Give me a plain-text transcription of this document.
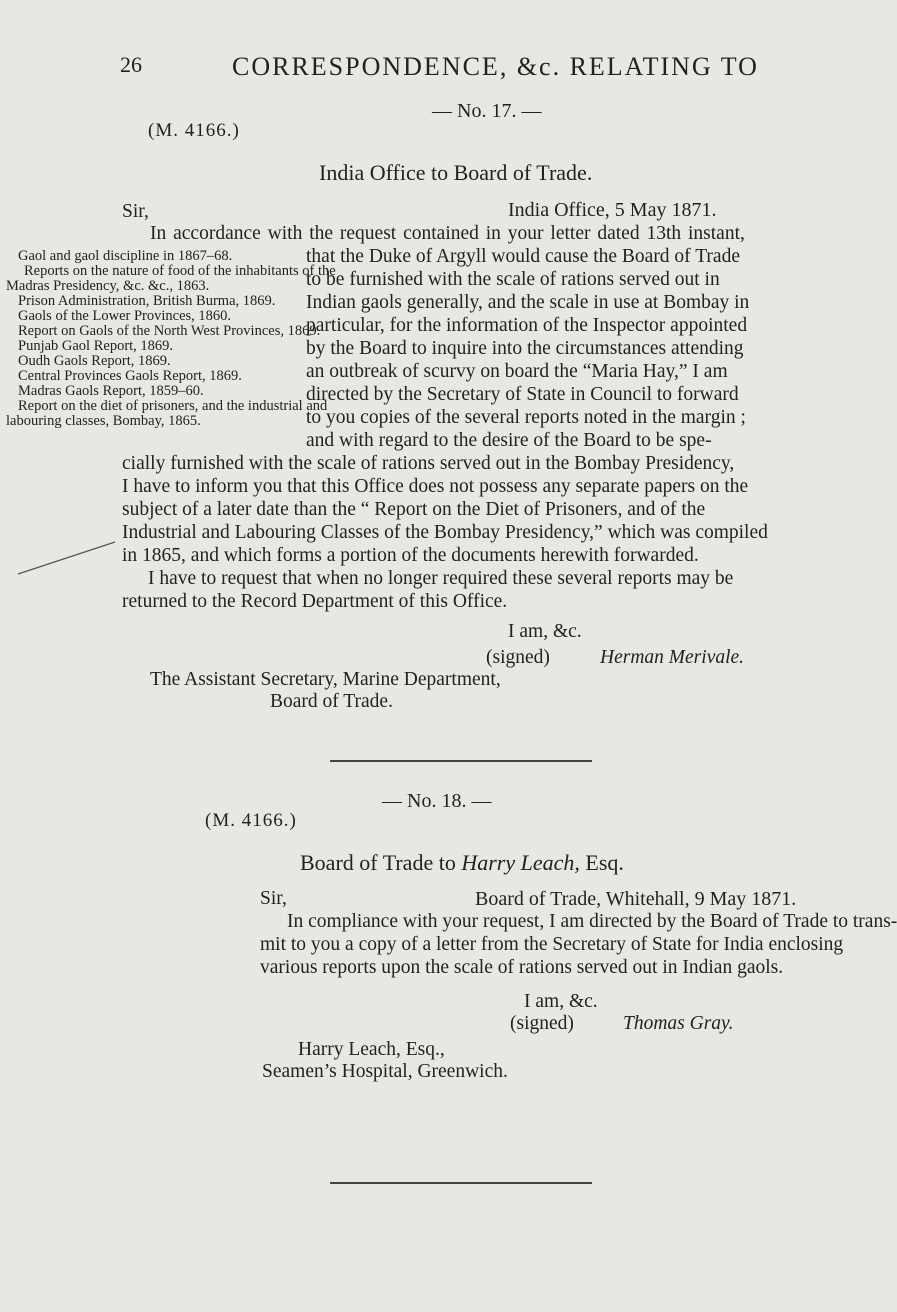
26	CORRESPONDENCE, &c. RELATING TO
— No. 17. —
(M. 4166.)
India Office to Board of Trade.
Sir,	India Office, 5 May 1871.
In accordance with the request contained in your letter dated 13th instant,
Gaol and gaol discipline in 1867–68.
Reports on the nature of food of the inhabitants of the
Madras Presidency, &c. &c., 1863.
Prison Administration, British Burma, 1869.
Gaols of the Lower Provinces, 1860.
Report on Gaols of the North West Provinces, 1869.
Punjab Gaol Report, 1869.
Oudh Gaols Report, 1869.
Central Provinces Gaols Report, 1869.
Madras Gaols Report, 1859–60.
Report on the diet of prisoners, and the industrial and
labouring classes, Bombay, 1865.
that the Duke of Argyll would cause the Board of Trade
to be furnished with the scale of rations served out in
Indian gaols generally, and the scale in use at Bombay in
particular, for the information of the Inspector appointed
by the Board to inquire into the circumstances attending
an outbreak of scurvy on board the “Maria Hay,” I am
directed by the Secretary of State in Council to forward
to you copies of the several reports noted in the margin ;
and with regard to the desire of the Board to be spe-
cially furnished with the scale of rations served out in the Bombay Presidency,
I have to inform you that this Office does not possess any separate papers on the
subject of a later date than the “ Report on the Diet of Prisoners, and of the
Industrial and Labouring Classes of the Bombay Presidency,” which was compiled
in 1865, and which forms a portion of the documents herewith forwarded.
I have to request that when no longer required these several reports may be
returned to the Record Department of this Office.
I am, &c.
(signed)	Herman Merivale.
The Assistant Secretary, Marine Department,
Board of Trade.
— No. 18. —
(M. 4166.)
Board of Trade to Harry Leach, Esq.
Sir,	Board of Trade, Whitehall, 9 May 1871.
In compliance with your request, I am directed by the Board of Trade to trans-
mit to you a copy of a letter from the Secretary of State for India enclosing
various reports upon the scale of rations served out in Indian gaols.
I am, &c.
(signed)	Thomas Gray.
Harry Leach, Esq.,
Seamen’s Hospital, Greenwich.
